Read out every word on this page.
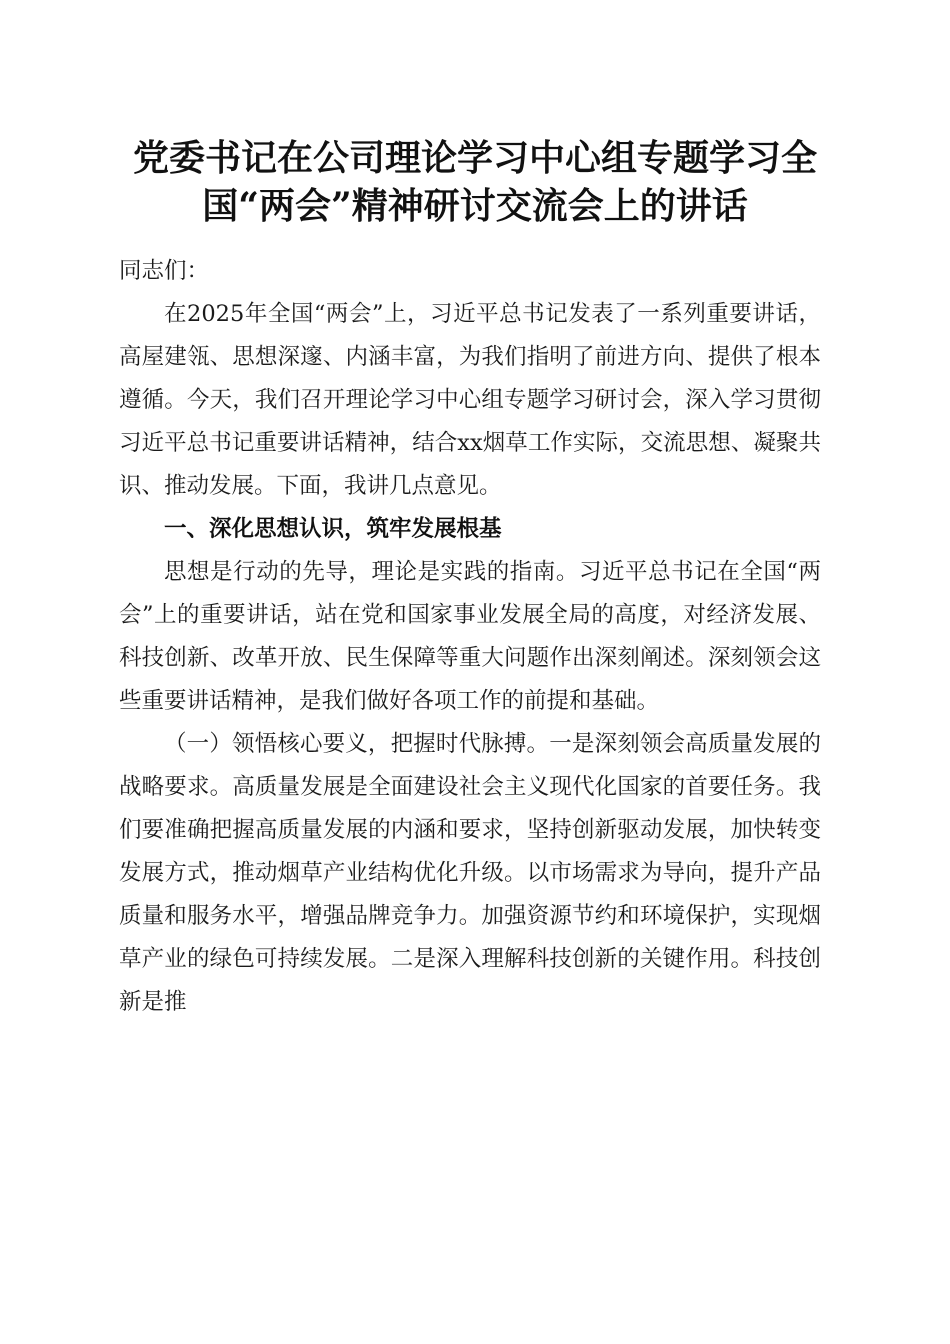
党委书记在公司理论学习中心组专题学习全国“两会”精神研讨交流会上的讲话

同志们：

在2025年全国“两会”上，习近平总书记发表了一系列重要讲话，高屋建瓴、思想深邃、内涵丰富，为我们指明了前进方向、提供了根本遵循。今天，我们召开理论学习中心组专题学习研讨会，深入学习贯彻习近平总书记重要讲话精神，结合xx烟草工作实际，交流思想、凝聚共识、推动发展。下面，我讲几点意见。

一、深化思想认识，筑牢发展根基

思想是行动的先导，理论是实践的指南。习近平总书记在全国“两会”上的重要讲话，站在党和国家事业发展全局的高度，对经济发展、科技创新、改革开放、民生保障等重大问题作出深刻阐述。深刻领会这些重要讲话精神，是我们做好各项工作的前提和基础。

（一）领悟核心要义，把握时代脉搏。一是深刻领会高质量发展的战略要求。高质量发展是全面建设社会主义现代化国家的首要任务。我们要准确把握高质量发展的内涵和要求，坚持创新驱动发展，加快转变发展方式，推动烟草产业结构优化升级。以市场需求为导向，提升产品质量和服务水平，增强品牌竞争力。加强资源节约和环境保护，实现烟草产业的绿色可持续发展。二是深入理解科技创新的关键作用。科技创新是推
